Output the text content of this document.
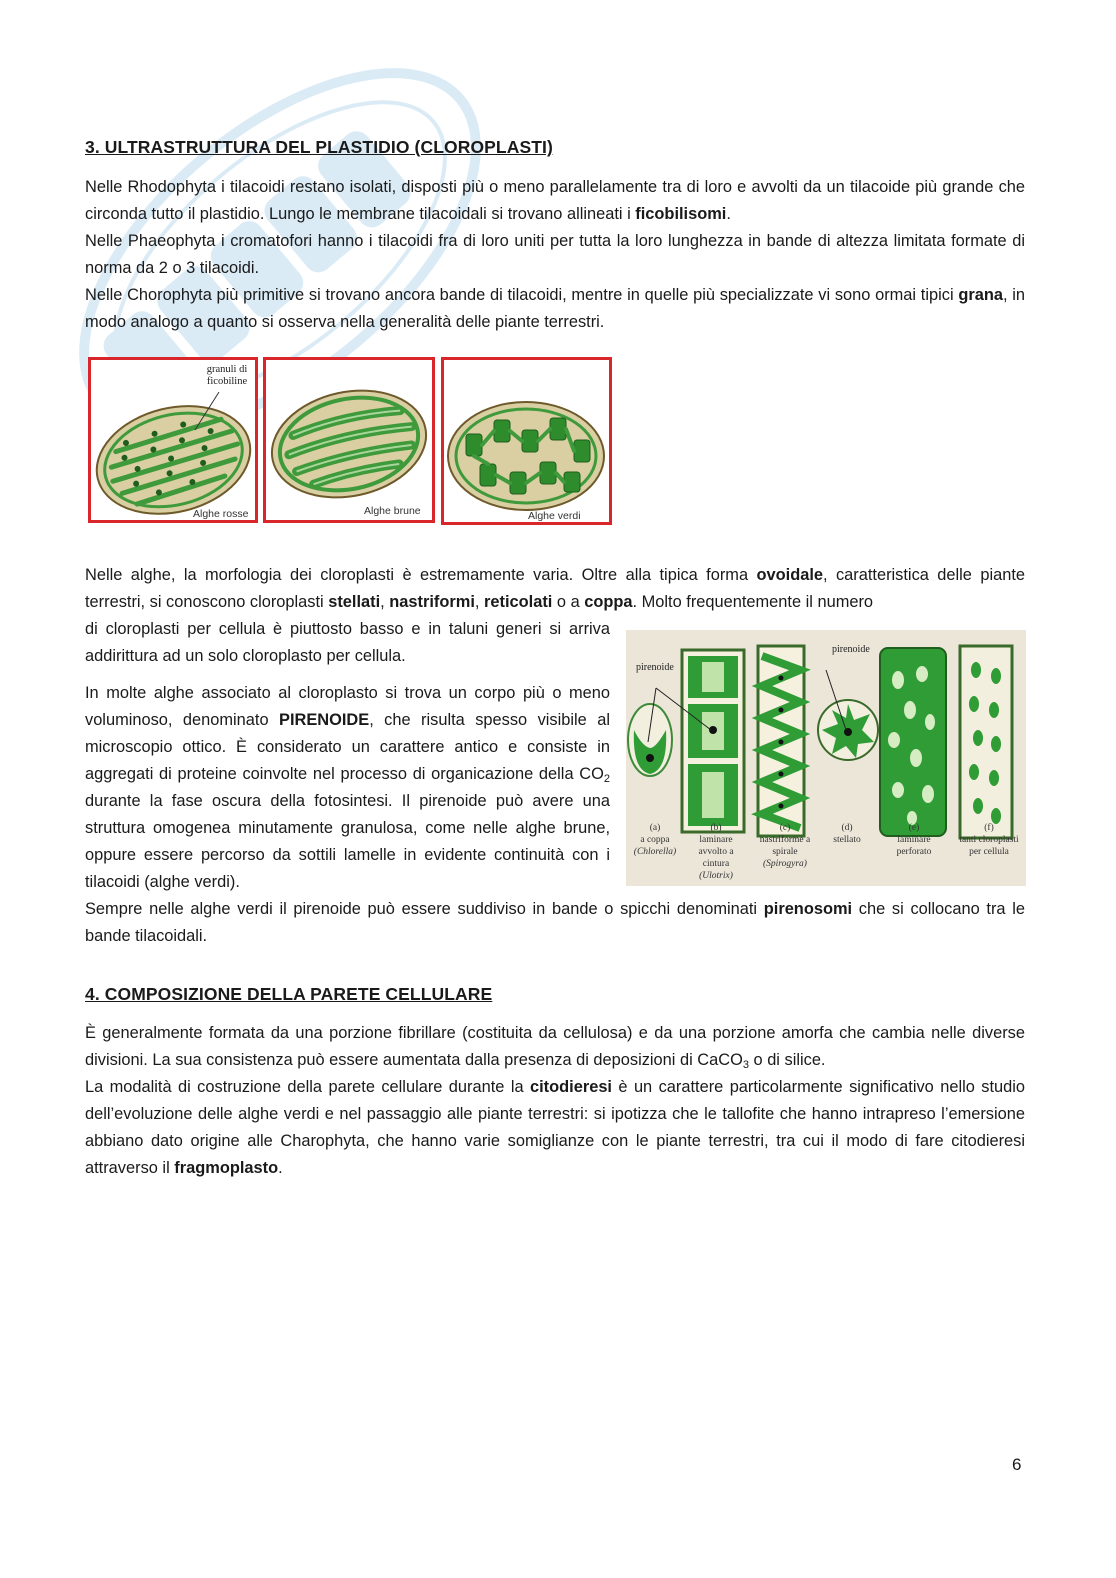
3. ULTRASTRUTTURA DEL PLASTIDIO (CLOROPLASTI)

Nelle Rhodophyta i tilacoidi restano isolati, disposti più o meno parallelamente tra di loro e avvolti da un tilacoide più grande che circonda tutto il plastidio. Lungo le membrane tilacoidali si trovano allineati i ficobilisomi.

Nelle Phaeophyta i cromatofori hanno i tilacoidi fra di loro uniti per tutta la loro lunghezza in bande di altezza limitata formate di norma da 2 o 3 tilacoidi.

Nelle Chorophyta più primitive si trovano ancora bande di tilacoidi, mentre in quelle più specializzate vi sono ormai tipici grana, in modo analogo a quanto si osserva nella generalità delle piante terrestri.

granuli di ficobiline
Alghe rosse	Alghe brune	Alghe verdi

Nelle alghe, la morfologia dei cloroplasti è estremamente varia. Oltre alla tipica forma ovoidale, caratteristica delle piante terrestri, si conoscono cloroplasti stellati, nastriformi, reticolati o a coppa. Molto frequentemente il numero

di cloroplasti per cellula è piuttosto basso e in taluni generi si arriva addirittura ad un solo cloroplasto per cellula.

In molte alghe associato al cloroplasto si trova un corpo più o meno voluminoso, denominato PIRENOIDE, che risulta spesso visibile al microscopio ottico. È considerato un carattere antico e consiste in aggregati di proteine coinvolte nel processo di organicazione della $CO_2$ durante la fase oscura della fotosintesi. Il pirenoide può avere una struttura omogenea minutamente granulosa, come nelle alghe brune, oppure essere percorso da sottili lamelle in evidente continuità con i tilacoidi (alghe verdi).

Sempre nelle alghe verdi il pirenoide può essere suddiviso in bande o spicchi denominati pirenosomi che si collocano tra le bande tilacoidali.

pirenoide
pirenoide
(a)
a coppa
(Chlorella)
(b)
laminare avvolto a cintura
(Ulotrix)
(c)
nastriforme a spirale
(Spirogyra)
(d)
stellato
(e)
laminare perforato
(f)
tanti cloroplasti per cellula
4. COMPOSIZIONE DELLA PARETE CELLULARE

È generalmente formata da una porzione fibrillare (costituita da cellulosa) e da una porzione amorfa che cambia nelle diverse divisioni. La sua consistenza può essere aumentata dalla presenza di deposizioni di CaCO$_3$ o di silice.

La modalità di costruzione della parete cellulare durante la citodieresi è un carattere particolarmente significativo nello studio dell’evoluzione delle alghe verdi e nel passaggio alle piante terrestri: si ipotizza che le tallofite che hanno intrapreso l’emersione abbiano dato origine alle Charophyta, che hanno varie somiglianze con le piante terrestri, tra cui il modo di fare citodieresi attraverso il fragmoplasto.

6
